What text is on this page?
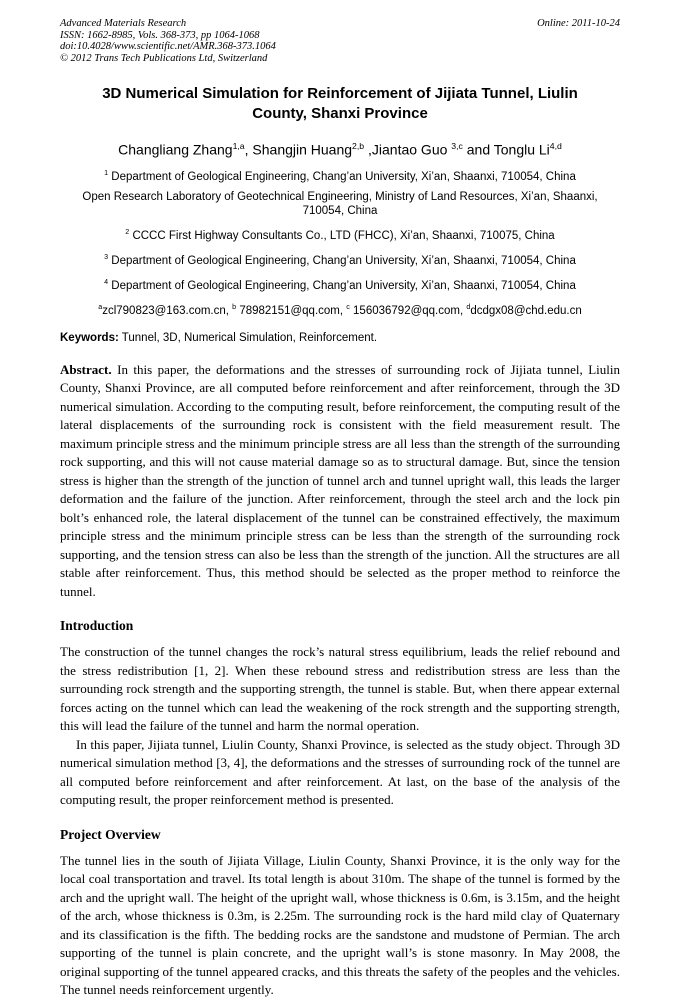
Advanced Materials Research
ISSN: 1662-8985, Vols. 368-373, pp 1064-1068
doi:10.4028/www.scientific.net/AMR.368-373.1064
© 2012 Trans Tech Publications Ltd, Switzerland
Online: 2011-10-24
3D Numerical Simulation for Reinforcement of Jijiata Tunnel, Liulin County, Shanxi Province
Changliang Zhang$^{1,a}$, Shangjin Huang$^{2,b}$ ,Jiantao Guo $^{3,c}$ and Tonglu Li$^{4,d}$
$^1$ Department of Geological Engineering, Chang’an University, Xi’an, Shaanxi, 710054, China
Open Research Laboratory of Geotechnical Engineering, Ministry of Land Resources, Xi’an, Shaanxi, 710054, China
$^2$ CCCC First Highway Consultants Co., LTD (FHCC), Xi’an, Shaanxi, 710075, China
$^3$ Department of Geological Engineering, Chang’an University, Xi’an, Shaanxi, 710054, China
$^4$ Department of Geological Engineering, Chang’an University, Xi’an, Shaanxi, 710054, China
$^a$zcl790823@163.com.cn, $^b$ 78982151@qq.com, $^c$ 156036792@qq.com, $^d$dcdgx08@chd.edu.cn
Keywords: Tunnel, 3D, Numerical Simulation, Reinforcement.

Abstract. In this paper, the deformations and the stresses of surrounding rock of Jijiata tunnel, Liulin County, Shanxi Province, are all computed before reinforcement and after reinforcement, through the 3D numerical simulation. According to the computing result, before reinforcement, the computing result of the lateral displacements of the surrounding rock is consistent with the field measurement result. The maximum principle stress and the minimum principle stress are all less than the strength of the surrounding rock supporting, and this will not cause material damage so as to structural damage. But, since the tension stress is higher than the strength of the junction of tunnel arch and tunnel upright wall, this leads the larger deformation and the failure of the junction. After reinforcement, through the steel arch and the lock pin bolt’s enhanced role, the lateral displacement of the tunnel can be constrained effectively, the maximum principle stress and the minimum principle stress can be less than the strength of the surrounding rock supporting, and the tension stress can also be less than the strength of the junction. All the structures are all stable after reinforcement. Thus, this method should be selected as the proper method to reinforce the tunnel.

Introduction

The construction of the tunnel changes the rock’s natural stress equilibrium, leads the relief rebound and the stress redistribution [1, 2]. When these rebound stress and redistribution stress are less than the surrounding rock strength and the supporting strength, the tunnel is stable. But, when there appear external forces acting on the tunnel which can lead the weakening of the rock strength and the supporting strength, this will lead the failure of the tunnel and harm the normal operation.

In this paper, Jijiata tunnel, Liulin County, Shanxi Province, is selected as the study object. Through 3D numerical simulation method [3, 4], the deformations and the stresses of surrounding rock of the tunnel are all computed before reinforcement and after reinforcement. At last, on the base of the analysis of the computing result, the proper reinforcement method is presented.

Project Overview

The tunnel lies in the south of Jijiata Village, Liulin County, Shanxi Province, it is the only way for the local coal transportation and travel. Its total length is about 310m. The shape of the tunnel is formed by the arch and the upright wall. The height of the upright wall, whose thickness is 0.6m, is 3.15m, and the height of the arch, whose thickness is 0.3m, is 2.25m. The surrounding rock is the hard mild clay of Quaternary and its classification is the fifth. The bedding rocks are the sandstone and mudstone of Permian. The arch supporting of the tunnel is plain concrete, and the upright wall’s is stone masonry. In May 2008, the original supporting of the tunnel appeared cracks, and this threats the safety of the peoples and the vehicles. The tunnel needs reinforcement urgently.
